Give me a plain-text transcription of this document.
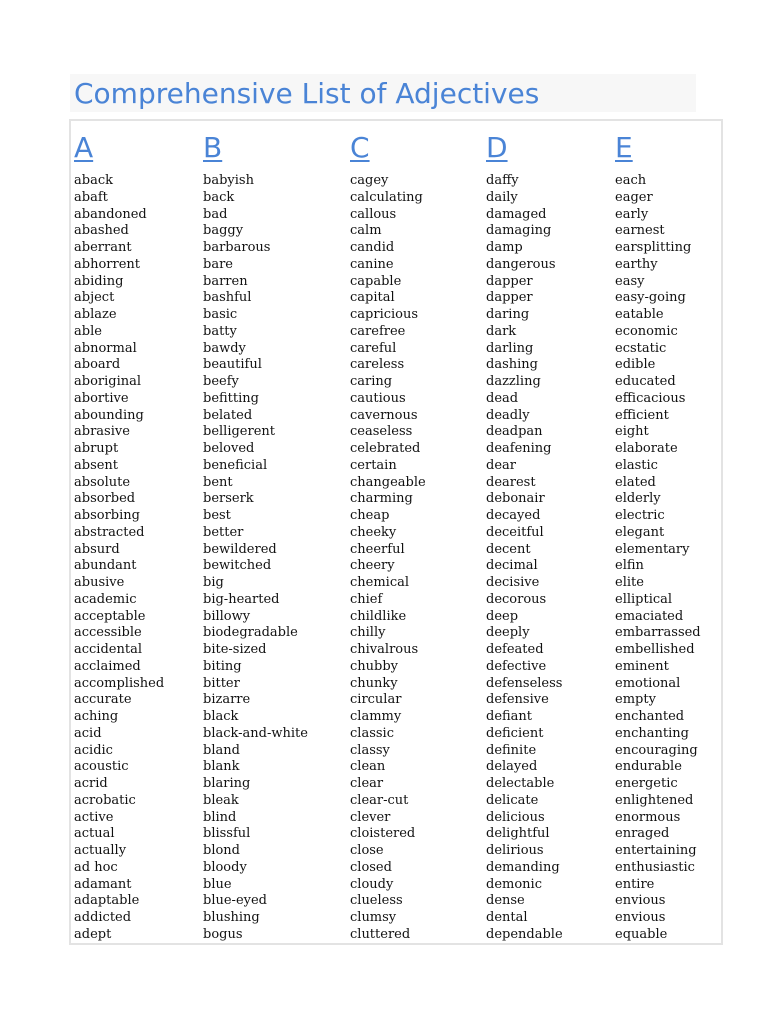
Comprehensive List of Adjectives
A
aback
abaft
abandoned
abashed
aberrant
abhorrent
abiding
abject
ablaze
able
abnormal
aboard
aboriginal
abortive
abounding
abrasive
abrupt
absent
absolute
absorbed
absorbing
abstracted
absurd
abundant
abusive
academic
acceptable
accessible
accidental
acclaimed
accomplished
accurate
aching
acid
acidic
acoustic
acrid
acrobatic
active
actual
actually
ad hoc
adamant
adaptable
addicted
adept
B
babyish
back
bad
baggy
barbarous
bare
barren
bashful
basic
batty
bawdy
beautiful
beefy
befitting
belated
belligerent
beloved
beneficial
bent
berserk
best
better
bewildered
bewitched
big
big-hearted
billowy
biodegradable
bite-sized
biting
bitter
bizarre
black
black-and-white
bland
blank
blaring
bleak
blind
blissful
blond
bloody
blue
blue-eyed
blushing
bogus
C
cagey
calculating
callous
calm
candid
canine
capable
capital
capricious
carefree
careful
careless
caring
cautious
cavernous
ceaseless
celebrated
certain
changeable
charming
cheap
cheeky
cheerful
cheery
chemical
chief
childlike
chilly
chivalrous
chubby
chunky
circular
clammy
classic
classy
clean
clear
clear-cut
clever
cloistered
close
closed
cloudy
clueless
clumsy
cluttered
D
daffy
daily
damaged
damaging
damp
dangerous
dapper
dapper
daring
dark
darling
dashing
dazzling
dead
deadly
deadpan
deafening
dear
dearest
debonair
decayed
deceitful
decent
decimal
decisive
decorous
deep
deeply
defeated
defective
defenseless
defensive
defiant
deficient
definite
delayed
delectable
delicate
delicious
delightful
delirious
demanding
demonic
dense
dental
dependable
E
each
eager
early
earnest
earsplitting
earthy
easy
easy-going
eatable
economic
ecstatic
edible
educated
efficacious
efficient
eight
elaborate
elastic
elated
elderly
electric
elegant
elementary
elfin
elite
elliptical
emaciated
embarrassed
embellished
eminent
emotional
empty
enchanted
enchanting
encouraging
endurable
energetic
enlightened
enormous
enraged
entertaining
enthusiastic
entire
envious
envious
equable
